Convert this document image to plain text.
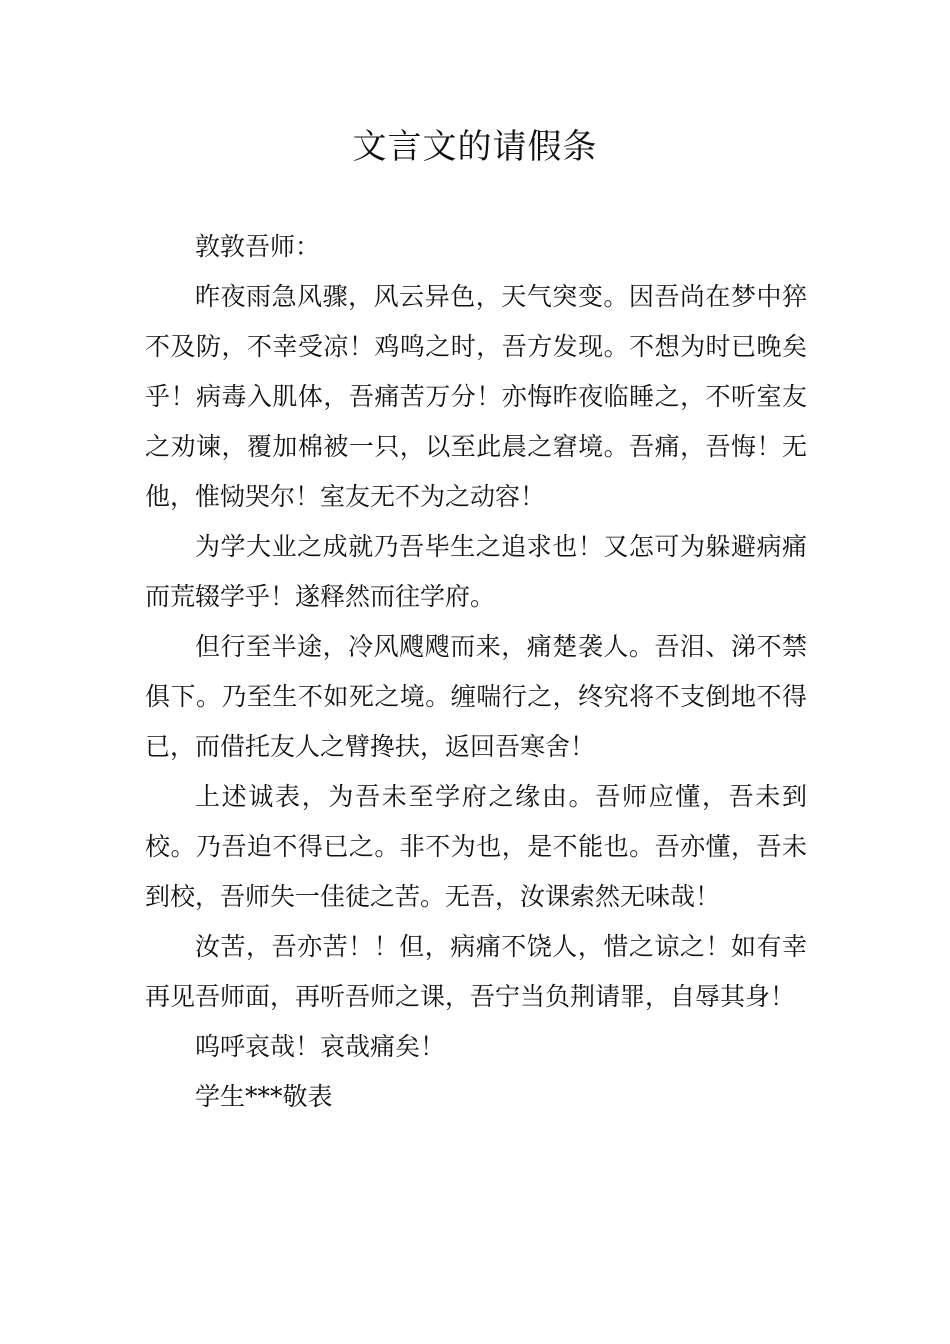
文言文的请假条

敦敦吾师：

昨夜雨急风骤，风云异色，天气突变。因吾尚在梦中猝不及防，不幸受凉！鸡鸣之时，吾方发现。不想为时已晚矣乎！病毒入肌体，吾痛苦万分！亦悔昨夜临睡之，不听室友之劝谏，覆加棉被一只，以至此晨之窘境。吾痛，吾悔！无他，惟恸哭尔！室友无不为之动容！

为学大业之成就乃吾毕生之追求也！又怎可为躲避病痛而荒辍学乎！遂释然而往学府。

但行至半途，冷风飕飕而来，痛楚袭人。吾泪、涕不禁俱下。乃至生不如死之境。缠喘行之，终究将不支倒地不得已，而借托友人之臂搀扶，返回吾寒舍！

上述诚表，为吾未至学府之缘由。吾师应懂，吾未到校。乃吾迫不得已之。非不为也，是不能也。吾亦懂，吾未到校，吾师失一佳徒之苦。无吾，汝课索然无味哉！

汝苦，吾亦苦！！但，病痛不饶人，惜之谅之！如有幸再见吾师面，再听吾师之课，吾宁当负荆请罪，自辱其身！

呜呼哀哉！哀哉痛矣！

学生***敬表
